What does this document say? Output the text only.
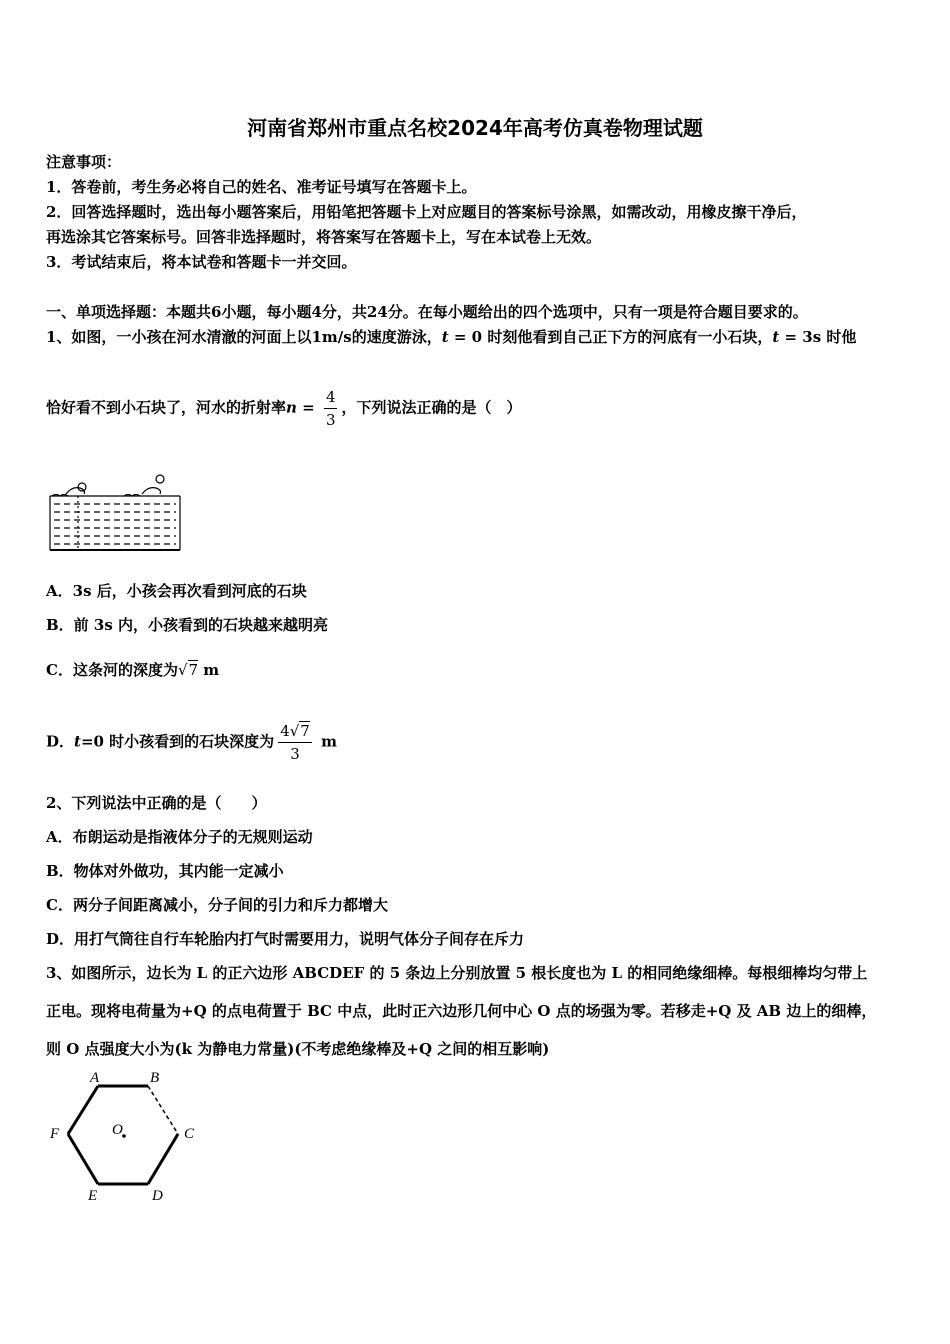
河南省郑州市重点名校2024年高考仿真卷物理试题
注意事项：
1．答卷前，考生务必将自己的姓名、准考证号填写在答题卡上。
2．回答选择题时，选出每小题答案后，用铅笔把答题卡上对应题目的答案标号涂黑，如需改动，用橡皮擦干净后，
再选涂其它答案标号。回答非选择题时，将答案写在答题卡上，写在本试卷上无效。
3．考试结束后，将本试卷和答题卡一并交回。
一、单项选择题：本题共6小题，每小题4分，共24分。在每小题给出的四个选项中，只有一项是符合题目要求的。
1、如图，一小孩在河水清澈的河面上以1m/s的速度游泳，t = 0 时刻他看到自己正下方的河底有一小石块，t = 3s 时他
恰好看不到小石块了，河水的折射率$n = \frac{4}{3}$ ，下列说法正确的是（　）
A．3s 后，小孩会再次看到河底的石块
B．前 3s 内，小孩看到的石块越来越明亮
C．这条河的深度为√7 m
D．t=0 时小孩看到的石块深度为 $\frac{4√7}{3}$ m
2、下列说法中正确的是（　　）
A．布朗运动是指液体分子的无规则运动
B．物体对外做功，其内能一定减小
C．两分子间距离减小，分子间的引力和斥力都增大
D．用打气筒往自行车轮胎内打气时需要用力，说明气体分子间存在斥力
3、如图所示，边长为 L 的正六边形 ABCDEF 的 5 条边上分别放置 5 根长度也为 L 的相同绝缘细棒。每根细棒均匀带上
正电。现将电荷量为+Q 的点电荷置于 BC 中点，此时正六边形几何中心 O 点的场强为零。若移走+Q 及 AB 边上的细棒，
则 O 点强度大小为(k 为静电力常量)(不考虑绝缘棒及+Q 之间的相互影响)
A	B
C
D
E
F	O
